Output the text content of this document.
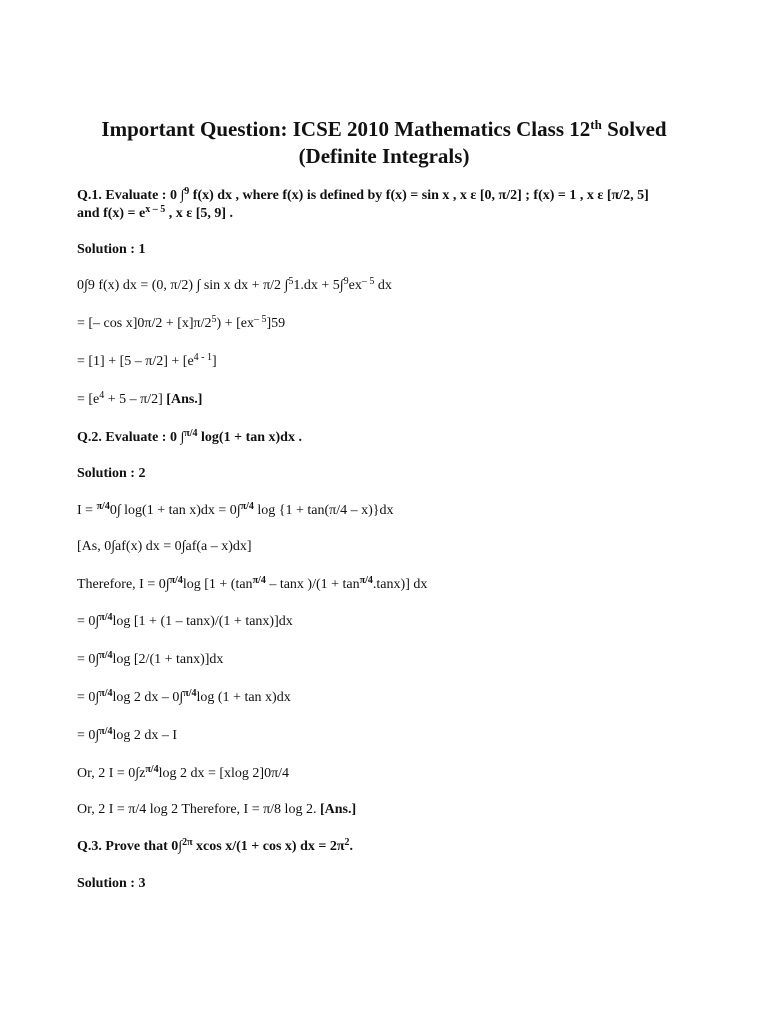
Important Question: ICSE 2010 Mathematics Class 12th Solved
(Definite Integrals)
Q.1. Evaluate : 0 ∫$^9$ f(x) dx , where f(x) is defined by f(x) = sin x , x ε [0, π/2] ; f(x) = 1 , x ε [π/2, 5]
and $f(x) = e^{x - 5}$ , x ε [5, 9] .
Solution : 1
0∫9 f(x) dx = (0, π/2) ∫ sin x dx + π/2 $\int^51.dx + 5\int^9ex^{- 5}$ dx
= [– $\cos x]0\pi/2 + [x]\pi/2^5) + [ex^{- 5}]59$
= $[1] + [5 - \pi/2] + [e^{4 - 1}]$
= $[e^4 + 5 - \pi/2]$ [Ans.]
Q.2. Evaluate : 0 ∫$^{\pi/4}$ log(1 + tan x)dx .
Solution : 2
I = $^{\pi/4}$0∫ log(1 + tan x)dx = 0∫$^{\pi/4}$ log {1 + tan(π/4 – x)}dx
[As, 0∫af(x) dx = 0∫af(a – x)dx]
Therefore, I = 0∫$^{\pi/4}$log [$1 + (\tan^{\pi/4} - \tan x$ )$/(1 + \tan^{\pi/4}.\tan x)$] dx
= 0∫$^{\pi/4}$log [1 + (1 – tanx)/(1 + tanx)]dx
= 0∫$^{\pi/4}$log [2/(1 + tanx)]dx
= 0∫$^{\pi/4}$log 2 dx – 0∫$^{\pi/4}$log (1 + tan x)dx
= 0∫$^{\pi/4}$log 2 dx – I
Or, 2 $I = 0\int z^{\pi/4}\log$ 2 dx = [xlog 2]0π/4
Or, 2 I = π/4 log 2 Therefore, I = π/8 log 2. [Ans.]
Q.3. Prove that 0∫$^{2\pi}$ xcos x/(1 + cos x) dx = $2\pi^2$.
Solution : 3
